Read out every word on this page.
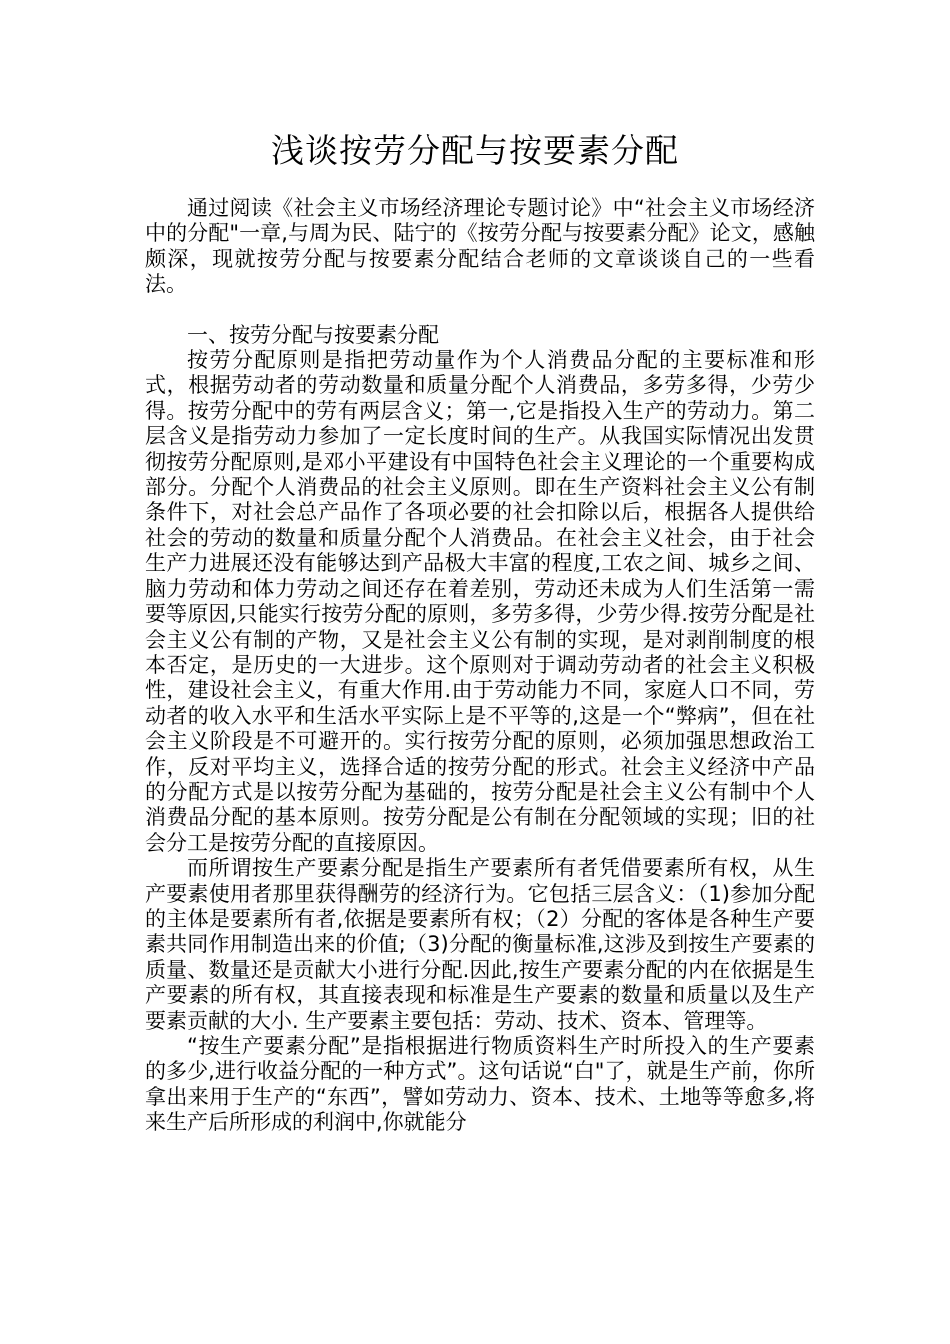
浅谈按劳分配与按要素分配

通过阅读《社会主义市场经济理论专题讨论》中“社会主义市场经济中的分配"一章,与周为民、陆宁的《按劳分配与按要素分配》论文，感触颇深，现就按劳分配与按要素分配结合老师的文章谈谈自己的一些看法。

一、按劳分配与按要素分配

按劳分配原则是指把劳动量作为个人消费品分配的主要标准和形式，根据劳动者的劳动数量和质量分配个人消费品，多劳多得，少劳少得。按劳分配中的劳有两层含义；第一,它是指投入生产的劳动力。第二层含义是指劳动力参加了一定长度时间的生产。从我国实际情况出发贯彻按劳分配原则,是邓小平建设有中国特色社会主义理论的一个重要构成部分。分配个人消费品的社会主义原则。即在生产资料社会主义公有制条件下，对社会总产品作了各项必要的社会扣除以后，根据各人提供给社会的劳动的数量和质量分配个人消费品。在社会主义社会，由于社会生产力进展还没有能够达到产品极大丰富的程度,工农之间、城乡之间、脑力劳动和体力劳动之间还存在着差别，劳动还未成为人们生活第一需要等原因,只能实行按劳分配的原则，多劳多得，少劳少得.按劳分配是社会主义公有制的产物，又是社会主义公有制的实现，是对剥削制度的根本否定，是历史的一大进步。这个原则对于调动劳动者的社会主义积极性，建设社会主义，有重大作用.由于劳动能力不同，家庭人口不同，劳动者的收入水平和生活水平实际上是不平等的,这是一个“弊病”，但在社会主义阶段是不可避开的。实行按劳分配的原则，必须加强思想政治工作，反对平均主义，选择合适的按劳分配的形式。社会主义经济中产品的分配方式是以按劳分配为基础的，按劳分配是社会主义公有制中个人消费品分配的基本原则。按劳分配是公有制在分配领域的实现；旧的社会分工是按劳分配的直接原因。

而所谓按生产要素分配是指生产要素所有者凭借要素所有权，从生产要素使用者那里获得酬劳的经济行为。它包括三层含义：（1)参加分配的主体是要素所有者,依据是要素所有权；（2）分配的客体是各种生产要素共同作用制造出来的价值;（3)分配的衡量标准,这涉及到按生产要素的质量、数量还是贡献大小进行分配.因此,按生产要素分配的内在依据是生产要素的所有权，其直接表现和标准是生产要素的数量和质量以及生产要素贡献的大小. 生产要素主要包括：劳动、技术、资本、管理等。

“按生产要素分配”是指根据进行物质资料生产时所投入的生产要素的多少,进行收益分配的一种方式”。这句话说“白"了，就是生产前，你所拿出来用于生产的“东西”，譬如劳动力、资本、技术、土地等等愈多,将来生产后所形成的利润中,你就能分
